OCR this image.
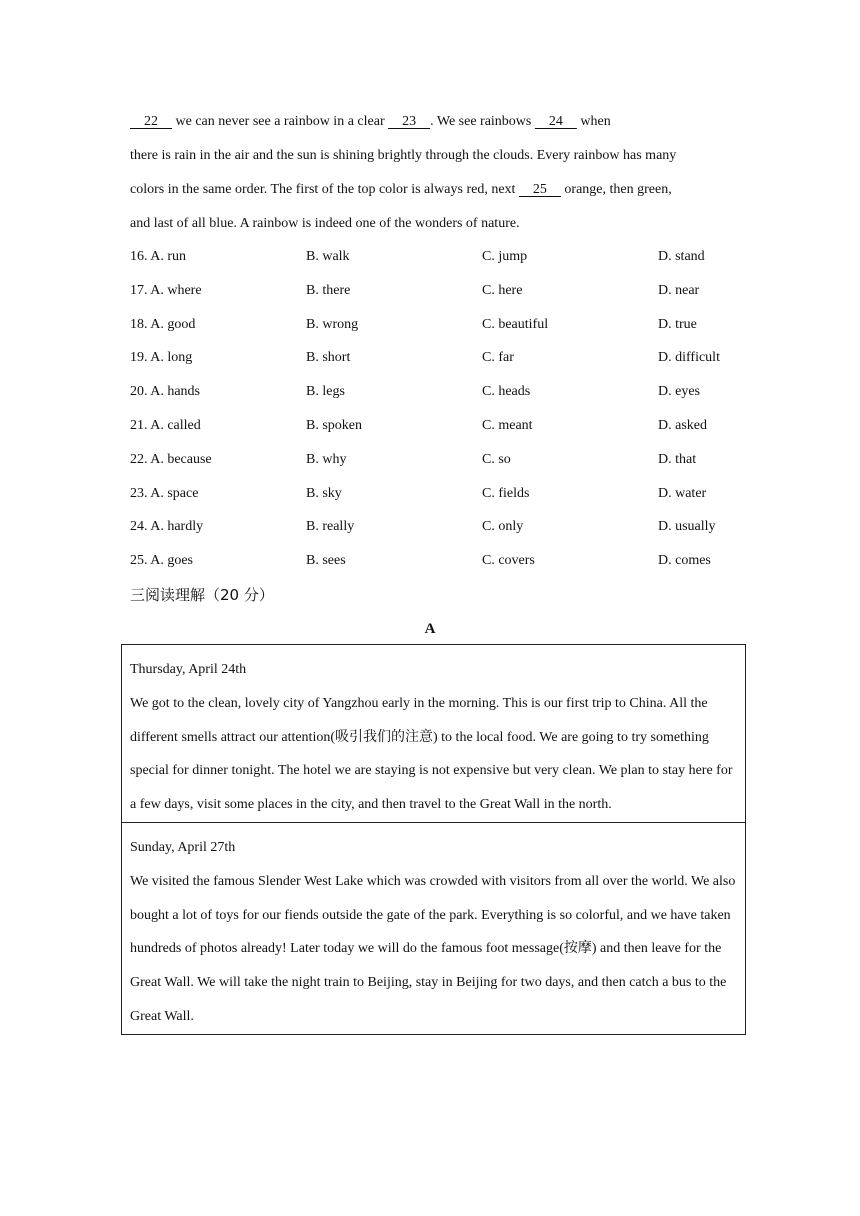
22     we can never see a rainbow in a clear     23    . We see rainbows     24     when
there is rain in the air and the sun is shining brightly through the clouds. Every rainbow has many
colors in the same order. The first of the top color is always red, next     25     orange, then green,
and last of all blue. A rainbow is indeed one of the wonders of nature.
16. A. run	B. walk	C. jump	D. stand
17. A. where	B. there	C. here	D. near
18. A. good	B. wrong	C. beautiful	D. true
19. A. long	B. short	C. far	D. difficult
20. A. hands	B. legs	C. heads	D. eyes
21. A. called	B. spoken	C. meant	D. asked
22. A. because	B. why	C. so	D. that
23. A. space	B. sky	C. fields	D. water
24. A. hardly	B. really	C. only	D. usually
25. A. goes	B. sees	C. covers	D. comes
三阅读理解（20 分）
A
Thursday, April 24th

We got to the clean, lovely city of Yangzhou early in the morning. This is our first trip to China. All the different smells attract our attention(吸引我们的注意) to the local food. We are going to try something special for dinner tonight. The hotel we are staying is not expensive but very clean. We plan to stay here for a few days, visit some places in the city, and then travel to the Great Wall in the north.

Sunday, April 27th

We visited the famous Slender West Lake which was crowded with visitors from all over the world. We also bought a lot of toys for our fiends outside the gate of the park. Everything is so colorful, and we have taken hundreds of photos already! Later today we will do the famous foot message(按摩) and then leave for the Great Wall. We will take the night train to Beijing, stay in Beijing for two days, and then catch a bus to the Great Wall.
